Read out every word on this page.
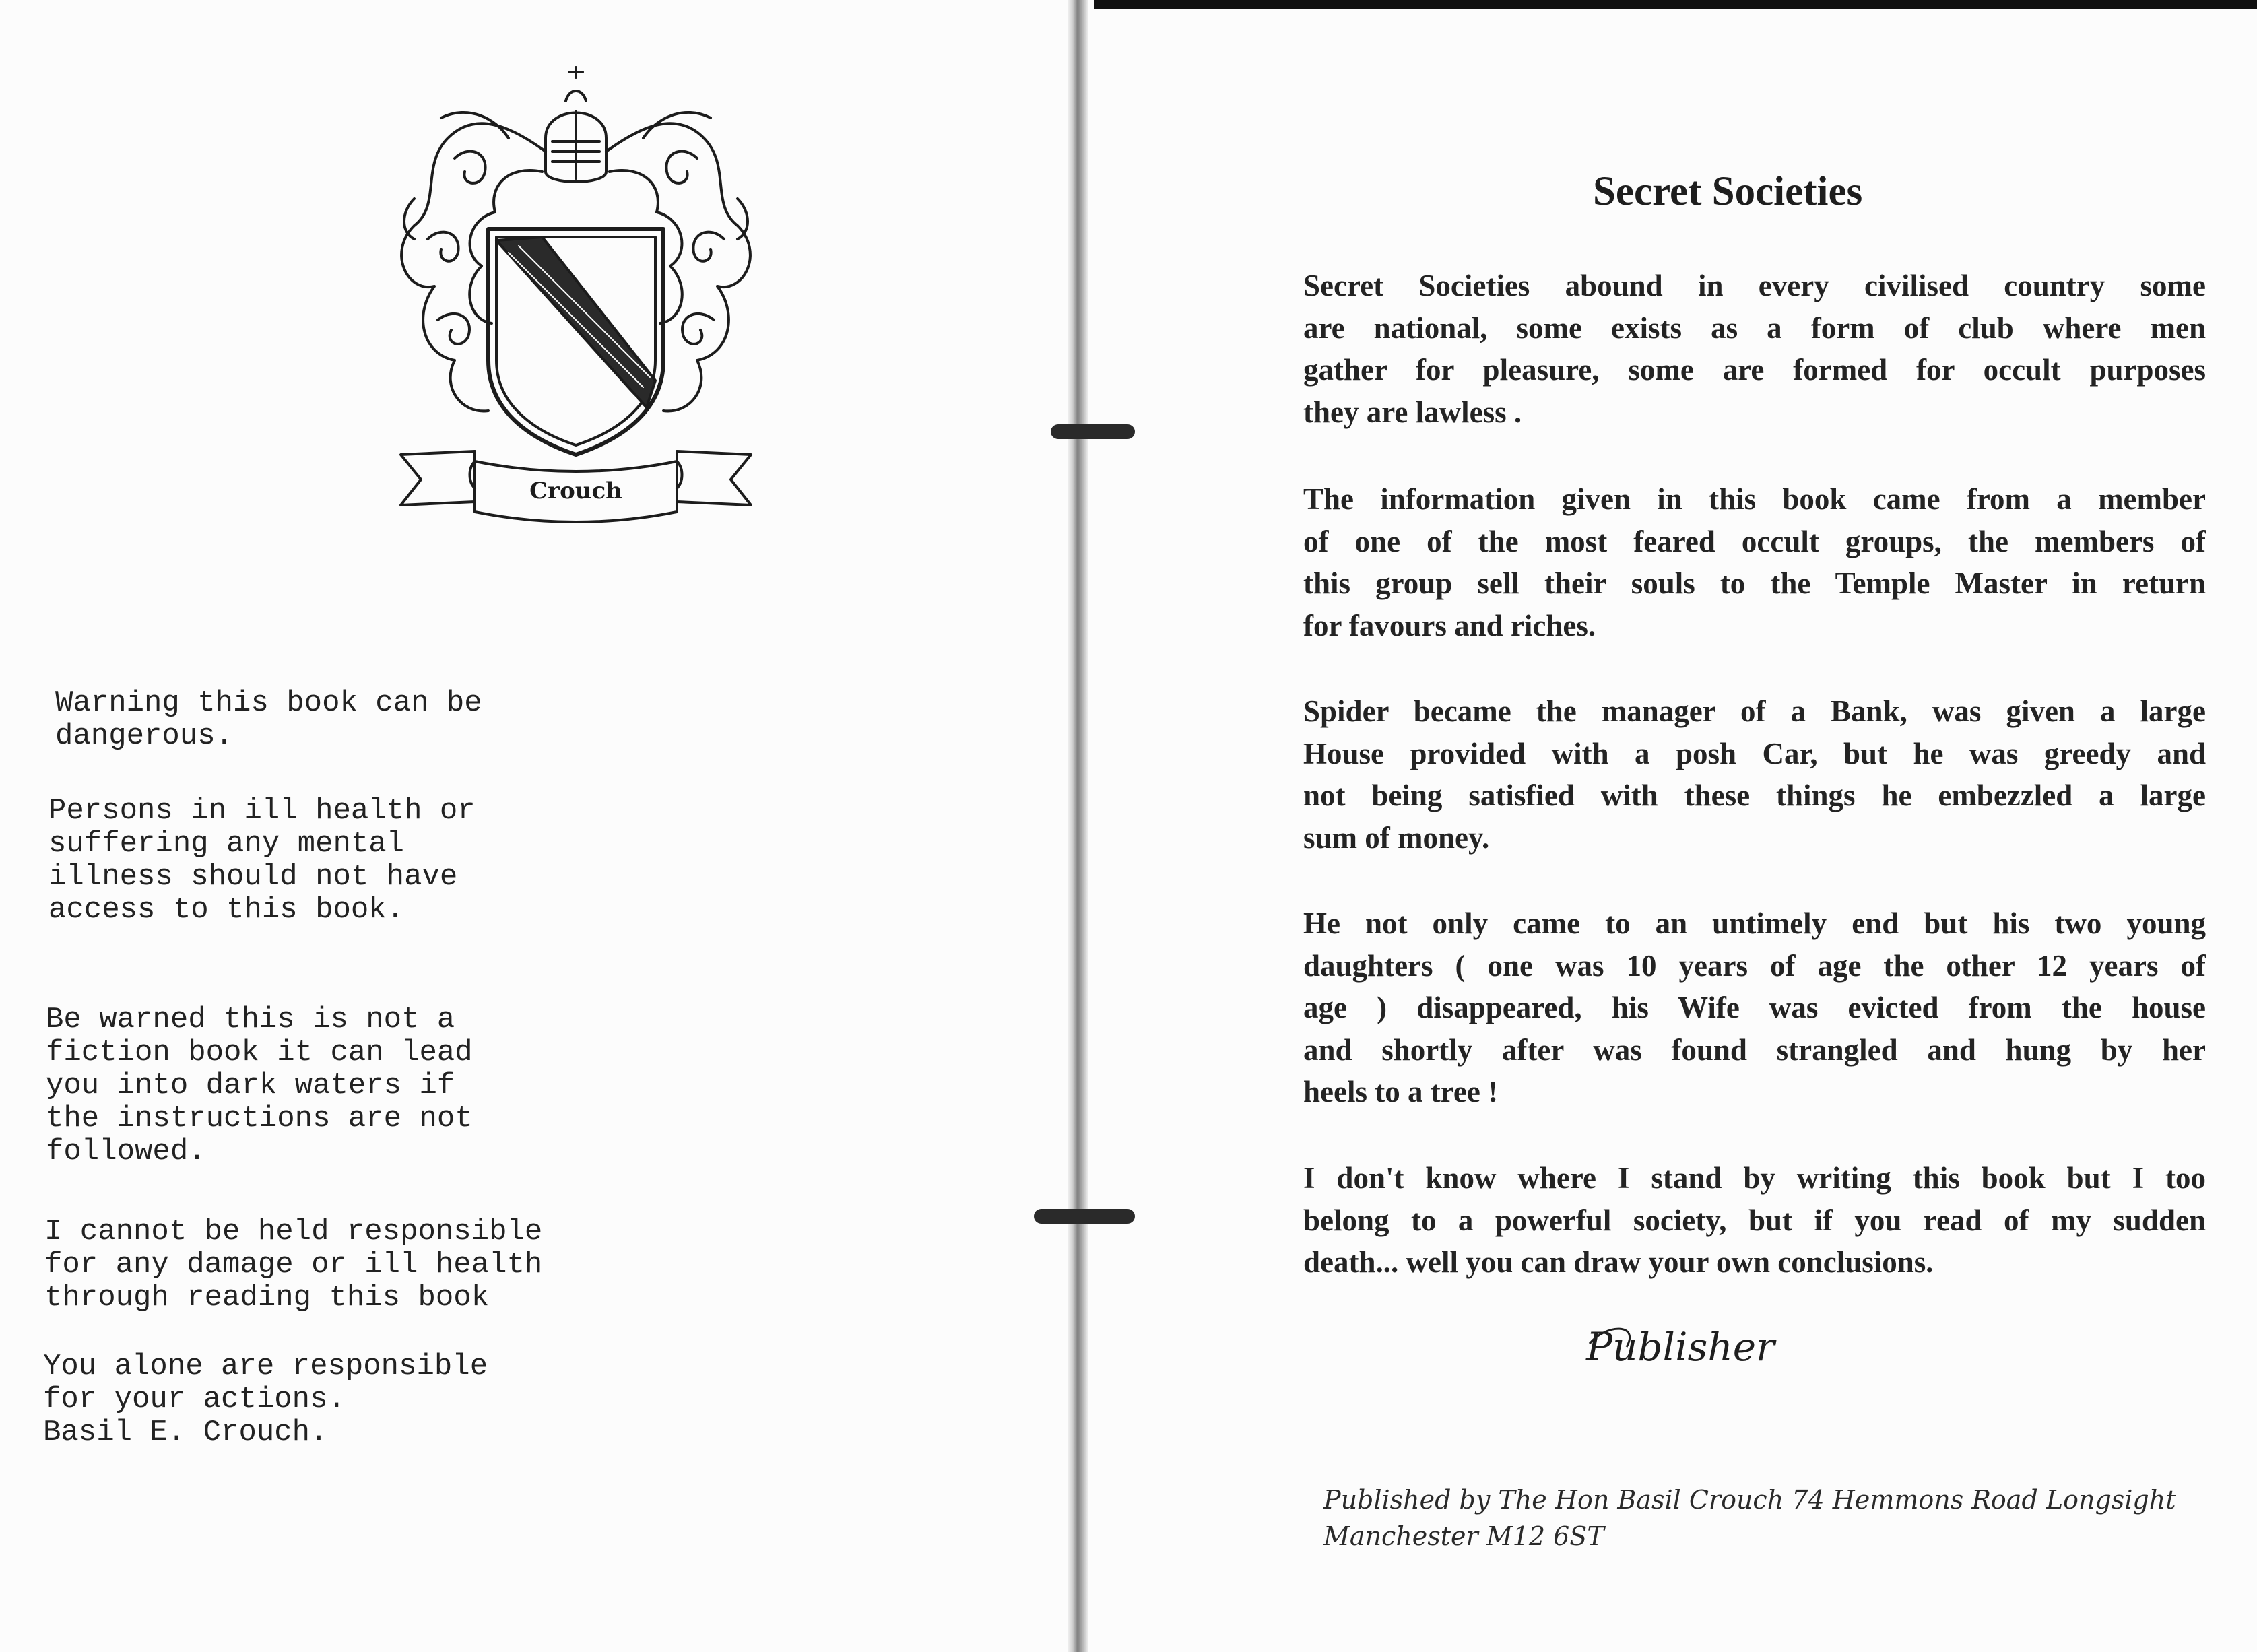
Crouch
Warning this book can be
dangerous.
Persons in ill health or
suffering any mental
illness should not have
access to this book.
Be warned this is not a
fiction book it can lead
you into dark waters if
the instructions are not
followed.
I cannot be held responsible
for any damage or ill health
through reading this book
You alone are responsible
for your actions.
Basil E. Crouch.
Secret Societies
Secret Societies abound in every civilised country some
are national, some exists as a form of club where men
gather for pleasure, some are formed for occult purposes
they are lawless .
The information given in this book came from a member
of one of the most feared occult groups, the members of
this group sell their souls to the Temple Master in return
for favours and riches.
Spider became the manager of a Bank, was given a large
House provided with a posh Car, but he was greedy and
not being satisfied with these things he embezzled a large
sum of money.
He not only came to an untimely end but his two young
daughters ( one was 10 years of age the other 12 years of
age ) disappeared, his Wife was evicted from the house
and shortly after was found strangled and hung by her
heels to a tree !
I don't know where I stand by writing this book but I too
belong to a powerful society, but if you read of my sudden
death... well you can draw your own conclusions.
Publisher
Published by The Hon Basil Crouch 74 Hemmons Road Longsight
Manchester M12 6ST
